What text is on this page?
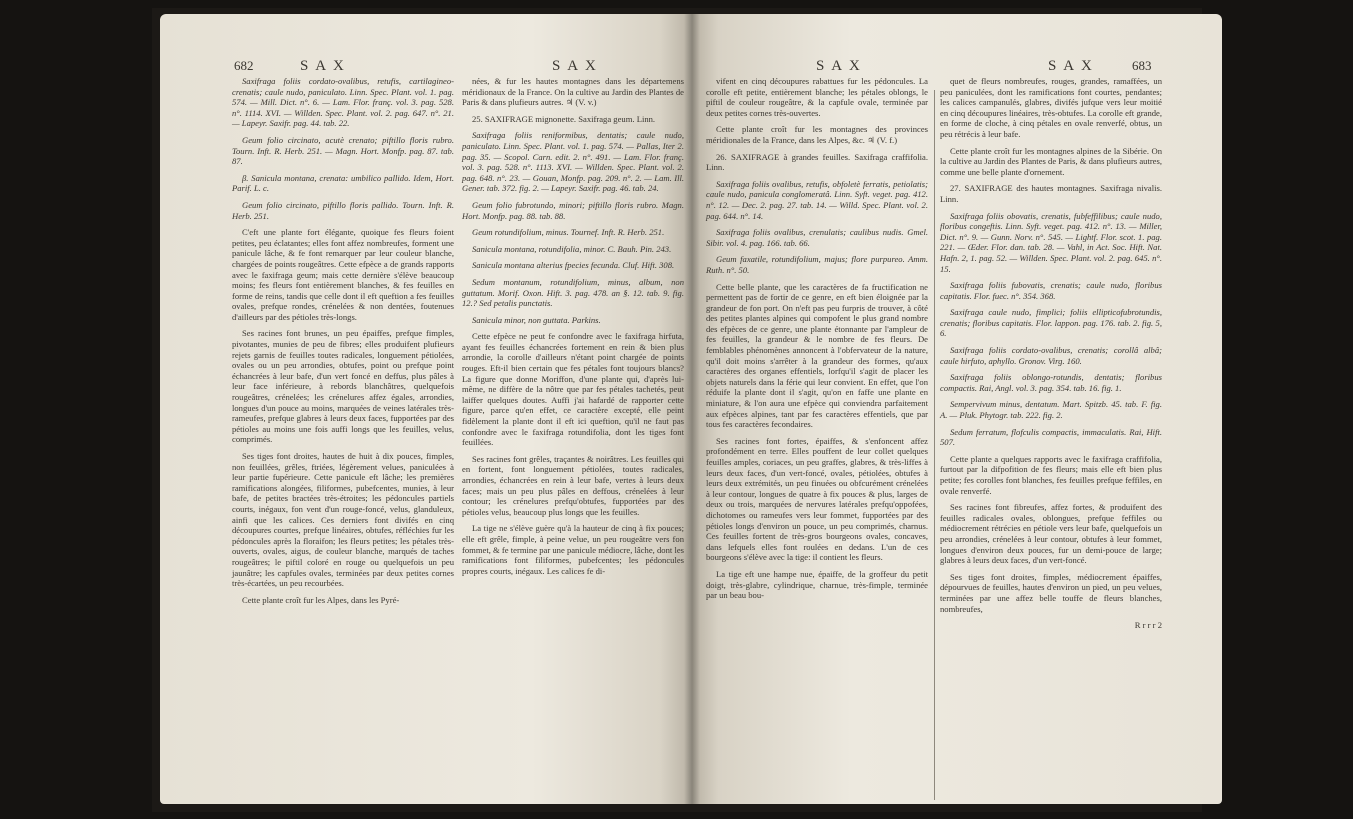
682	S A X	S A X

Saxifraga foliis cordato-ovalibus, retufis, cartilagineo-crenatis; caule nudo, paniculato. Linn. Spec. Plant. vol. 1. pag. 574. — Mill. Dict. n°. 6. — Lam. Flor. franç. vol. 3. pag. 528. n°. 1114. XVI. — Willden. Spec. Plant. vol. 2. pag. 647. n°. 21. — Lapeyr. Saxifr. pag. 44. tab. 22.

Geum folio circinato, acutè crenato; piftillo floris rubro. Tourn. Inft. R. Herb. 251. — Magn. Hort. Monfp. pag. 87. tab. 87.

β. Sanicula montana, crenata: umbilico pallido. Idem, Hort. Parif. L. c.

Geum folio circinato, piftillo floris pallido. Tourn. Inft. R. Herb. 251.

C'eft une plante fort élégante, quoique fes fleurs foient petites, peu éclatantes; elles font affez nombreufes, forment une panicule lâche, & fe font remarquer par leur couleur blanche, chargées de points rougeâtres. Cette efpèce a de grands rapports avec le faxifraga geum; mais cette dernière s'élève beaucoup moins; fes fleurs font entièrement blanches, & fes feuilles en forme de reins, tandis que celle dont il eft queftion a fes feuilles ovales, prefque rondes, crénelées & non dentées, foutenues d'ailleurs par des pétioles très-longs.

Ses racines font brunes, un peu épaiffes, prefque fimples, pivotantes, munies de peu de fibres; elles produifent plufieurs rejets garnis de feuilles toutes radicales, longuement pétiolées, ovales ou un peu arrondies, obtufes, point ou prefque point échancrées à leur bafe, d'un vert foncé en deffus, plus pâles à leur face inférieure, à rebords blanchâtres, quelquefois rougeâtres, crénelées; les crénelures affez égales, arrondies, longues d'un pouce au moins, marquées de veines latérales très-rameufes, prefque glabres à leurs deux faces, fupportées par des pétioles au moins une fois auffi longs que les feuilles, velus, comprimés.

Ses tiges font droites, hautes de huit à dix pouces, fimples, non feuillées, grêles, ftriées, légèrement velues, paniculées à leur partie fupérieure. Cette panicule eft lâche; les premières ramifications alongées, filiformes, pubefcentes, munies, à leur bafe, de petites bractées très-étroites; les pédoncules partiels courts, inégaux, fon vent d'un rouge-foncé, velus, glanduleux, ainfi que les calices. Ces derniers font divifés en cinq découpures courtes, prefque linéaires, obtufes, réfléchies fur les pédoncules après la floraifon; les fleurs petites; les pétales très-ouverts, ovales, aigus, de couleur blanche, marqués de taches rougeâtres; le piftil coloré en rouge ou quelquefois un peu jaunâtre; les capfules ovales, terminées par deux petites cornes très-écartées, un peu recourbées.

Cette plante croît fur les Alpes, dans les Pyré-

nées, & fur les hautes montagnes dans les départemens méridionaux de la France. On la cultive au Jardin des Plantes de Paris & dans plufieurs autres. ♃ (V. v.)

25. SAXIFRAGE mignonette. Saxifraga geum. Linn.

Saxifraga foliis reniformibus, dentatis; caule nudo, paniculato. Linn. Spec. Plant. vol. 1. pag. 574. — Pallas, Iter 2. pag. 35. — Scopol. Carn. edit. 2. n°. 491. — Lam. Flor. franç. vol. 3. pag. 528. n°. 1113. XVI. — Willden. Spec. Plant. vol. 2. pag. 648. n°. 23. — Gouan, Monfp. pag. 209. n°. 2. — Lam. Ill. Gener. tab. 372. fig. 2. — Lapeyr. Saxifr. pag. 46. tab. 24.

Geum folio fubrotundo, minori; piftillo floris rubro. Magn. Hort. Monfp. pag. 88. tab. 88.

Geum rotundifolium, minus. Tournef. Inft. R. Herb. 251.

Sanicula montana, rotundifolia, minor. C. Bauh. Pin. 243.

Sanicula montana alterius fpecies fecunda. Cluf. Hift. 308.

Sedum montanum, rotundifolium, minus, album, non guttatum. Morif. Oxon. Hift. 3. pag. 478. an §. 12. tab. 9. fig. 12.? Sed petalis punctatis.

Sanicula minor, non guttata. Parkins.

Cette efpèce ne peut fe confondre avec le faxifraga hirfuta, ayant fes feuilles échancrées fortement en rein & bien plus arrondie, la corolle d'ailleurs n'étant point chargée de points rouges. Eft-il bien certain que fes pétales font toujours blancs? La figure que donne Moriffon, d'une plante qui, d'après lui-même, ne diffère de la nôtre que par fes pétales tachetés, peut laiffer quelques doutes. Auffi j'ai hafardé de rapporter cette figure, parce qu'en effet, ce caractère excepté, elle peint fidèlement la plante dont il eft ici queftion, qu'il ne faut pas confondre avec le faxifraga rotundifolia, dont les tiges font feuillées.

Ses racines font grêles, traçantes & noirâtres. Les feuilles qui en fortent, font longuement pétiolées, toutes radicales, arrondies, échancrées en rein à leur bafe, vertes à leurs deux faces; mais un peu plus pâles en deffous, crénelées à leur contour; les crénelures prefqu'obtufes, fupportées par des pétioles velus, beaucoup plus longs que les feuilles.

La tige ne s'élève guère qu'à la hauteur de cinq à fix pouces; elle eft grêle, fimple, à peine velue, un peu rougeâtre vers fon fommet, & fe termine par une panicule médiocre, lâche, dont les ramifications font filiformes, pubefcentes; les pédoncules propres courts, inégaux. Les calices fe di-

S A X	S A X	683

vifent en cinq découpures rabattues fur les pédoncules. La corolle eft petite, entièrement blanche; les pétales oblongs, le piftil de couleur rougeâtre, & la capfule ovale, terminée par deux petites cornes très-ouvertes.

Cette plante croît fur les montagnes des provinces méridionales de la France, dans les Alpes, &c. ♃ (V. f.)

26. SAXIFRAGE à grandes feuilles. Saxifraga craffifolia. Linn.

Saxifraga foliis ovalibus, retufis, obfoletè ferratis, petiolatis; caule nudo, panicula conglomeratâ. Linn. Syft. veget. pag. 412. n°. 12. — Dec. 2. pag. 27. tab. 14. — Willd. Spec. Plant. vol. 2. pag. 644. n°. 14.

Saxifraga foliis ovalibus, crenulatis; caulibus nudis. Gmel. Sibir. vol. 4. pag. 166. tab. 66.

Geum faxatile, rotundifolium, majus; flore purpureo. Amm. Ruth. n°. 50.

Cette belle plante, que les caractères de fa fructification ne permettent pas de fortir de ce genre, en eft bien éloignée par la grandeur de fon port. On n'eft pas peu furpris de trouver, à côté des petites plantes alpines qui compofent le plus grand nombre des efpèces de ce genre, une plante étonnante par l'ampleur de fes feuilles, la grandeur & le nombre de fes fleurs. De femblables phénomènes annoncent à l'obfervateur de la nature, qu'il doit moins s'arrêter à la grandeur des formes, qu'aux caractères des organes effentiels, lorfqu'il s'agit de placer les objets naturels dans la férie qui leur convient. En effet, que l'on réduife la plante dont il s'agit, qu'on en faffe une plante en miniature, & l'on aura une efpèce qui conviendra parfaitement aux efpèces alpines, tant par fes caractères effentiels, que par tous fes caractères fecondaires.

Ses racines font fortes, épaiffes, & s'enfoncent affez profondément en terre. Elles pouffent de leur collet quelques feuilles amples, coriaces, un peu graffes, glabres, & très-liffes à leurs deux faces, d'un vert-foncé, ovales, pétiolées, obtufes à leurs deux extrémités, un peu finuées ou obfcurément crénelées à leur contour, longues de quatre à fix pouces & plus, larges de deux ou trois, marquées de nervures latérales prefqu'oppofées, dichotomes ou rameufes vers leur fommet, fupportées par des pétioles longs d'environ un pouce, un peu comprimés, charnus. Ces feuilles fortent de très-gros bourgeons ovales, concaves, dans lefquels elles font roulées en dedans. L'un de ces bourgeons s'élève avec la tige: il contient les fleurs.

La tige eft une hampe nue, épaiffe, de la groffeur du petit doigt, très-glabre, cylindrique, charnue, très-fimple, terminée par un beau bou-

quet de fleurs nombreufes, rouges, grandes, ramaffées, un peu paniculées, dont les ramifications font courtes, pendantes; les calices campanulés, glabres, divifés jufque vers leur moitié en cinq découpures linéaires, très-obtufes. La corolle eft grande, en forme de cloche, à cinq pétales en ovale renverfé, obtus, un peu rétrécis à leur bafe.

Cette plante croît fur les montagnes alpines de la Sibérie. On la cultive au Jardin des Plantes de Paris, & dans plufieurs autres, comme une belle plante d'ornement.

27. SAXIFRAGE des hautes montagnes. Saxifraga nivalis. Linn.

Saxifraga foliis obovatis, crenatis, fubfeffilibus; caule nudo, floribus congeftis. Linn. Syft. veget. pag. 412. n°. 13. — Miller, Dict. n°. 9. — Gunn. Norv. n°. 545. — Lightf. Flor. scot. 1. pag. 221. — Œder. Flor. dan. tab. 28. — Vahl, in Act. Soc. Hift. Nat. Hafn. 2, 1. pag. 52. — Willden. Spec. Plant. vol. 2. pag. 645. n°. 15.

Saxifraga foliis fubovatis, crenatis; caule nudo, floribus capitatis. Flor. fuec. n°. 354. 368.

Saxifraga caule nudo, fimplici; foliis ellipticofubrotundis, crenatis; floribus capitatis. Flor. lappon. pag. 176. tab. 2. fig. 5, 6.

Saxifraga foliis cordato-ovalibus, crenatis; corollâ albâ; caule hirfuto, aphyllo. Gronov. Virg. 160.

Saxifraga foliis oblongo-rotundis, dentatis; floribus compactis. Rai, Angl. vol. 3. pag. 354. tab. 16. fig. 1.

Sempervivum minus, dentatum. Mart. Spitzb. 45. tab. F. fig. A. — Pluk. Phytogr. tab. 222. fig. 2.

Sedum ferratum, flofculis compactis, immaculatis. Rai, Hift. 507.

Cette plante a quelques rapports avec le faxifraga craffifolia, furtout par la difpofition de fes fleurs; mais elle eft bien plus petite; fes corolles font blanches, fes feuilles prefque feffiles, en ovale renverfé.

Ses racines font fibreufes, affez fortes, & produifent des feuilles radicales ovales, oblongues, prefque feffiles ou médiocrement rétrécies en pétiole vers leur bafe, quelquefois un peu arrondies, crénelées à leur contour, obtufes à leur fommet, longues d'environ deux pouces, fur un demi-pouce de large; glabres à leurs deux faces, d'un vert-foncé.

Ses tiges font droites, fimples, médiocrement épaiffes, dépourvues de feuilles, hautes d'environ un pied, un peu velues, terminées par une affez belle touffe de fleurs blanches, nombreufes,

R r r r 2
